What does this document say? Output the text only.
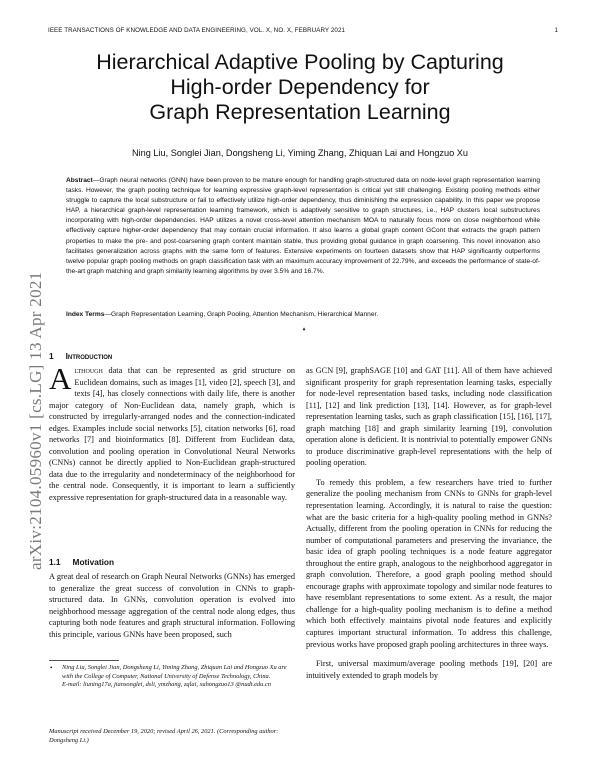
IEEE TRANSACTIONS OF KNOWLEDGE AND DATA ENGINEERING, VOL. X, NO. X, FEBRUARY 2021	1
arXiv:2104.05960v1 [cs.LG] 13 Apr 2021
Hierarchical Adaptive Pooling by Capturing
High-order Dependency for
Graph Representation Learning
Ning Liu, Songlei Jian, Dongsheng Li, Yiming Zhang, Zhiquan Lai and Hongzuo Xu
Abstract—Graph neural networks (GNN) have been proven to be mature enough for handling graph-structured data on node-level graph representation learning tasks. However, the graph pooling technique for learning expressive graph-level representation is critical yet still challenging. Existing pooling methods either struggle to capture the local substructure or fail to effectively utilize high-order dependency, thus diminishing the expression capability. In this paper we propose HAP, a hierarchical graph-level representation learning framework, which is adaptively sensitive to graph structures, i.e., HAP clusters local substructures incorporating with high-order dependencies. HAP utilizes a novel cross-level attention mechanism MOA to naturally focus more on close neighborhood while effectively capture higher-order dependency that may contain crucial information. It also learns a global graph content GCont that extracts the graph pattern properties to make the pre- and post-coarsening graph content maintain stable, thus providing global guidance in graph coarsening. This novel innovation also facilitates generalization across graphs with the same form of features. Extensive experiments on fourteen datasets show that HAP significantly outperforms twelve popular graph pooling methods on graph classification task with an maximum accuracy improvement of 22.79%, and exceeds the performance of state-of-the-art graph matching and graph similarity learning algorithms by over 3.5% and 16.7%.
Index Terms—Graph Representation Learning, Graph Pooling, Attention Mechanism, Hierarchical Manner.
♦
1 Introduction
Although data that can be represented as grid structure on Euclidean domains, such as images [1], video [2], speech [3], and texts [4], has closely connections with daily life, there is another major category of Non-Euclidean data, namely graph, which is constructed by irregularly-arranged nodes and the connection-indicated edges. Examples include social networks [5], citation networks [6], road networks [7] and bioinformatics [8]. Different from Euclidean data, convolution and pooling operation in Convolutional Neural Networks (CNNs) cannot be directly applied to Non-Euclidean graph-structured data due to the irregularity and nondeterminacy of the neighborhood for the central node. Consequently, it is important to learn a sufficiently expressive representation for graph-structured data in a reasonable way.
1.1 Motivation
A great deal of research on Graph Neural Networks (GNNs) has emerged to generalize the great success of convolution in CNNs to graph-structured data. In GNNs, convolution operation is evolved into neighborhood message aggregation of the central node along edges, thus capturing both node features and graph structural information. Following this principle, various GNNs have been proposed, such
• Ning Liu, Songlei Jian, Dongsheng Li, Yiming Zhang, Zhiquan Lai and Hongzuo Xu are with the College of Computer, National University of Defense Technology, China.
E-mail: liuning17a, jiansonglei, dsli, ymzhang, zqlai, xuhongzuo13 @nudt.edu.cn
Manuscript received December 19, 2020; revised April 26, 2021. (Corresponding author: Dongsheng Li.)

as GCN [9], graphSAGE [10] and GAT [11]. All of them have achieved significant prosperity for graph representation learning tasks, especially for node-level representation based tasks, including node classification [11], [12] and link prediction [13], [14]. However, as for graph-level representation learning tasks, such as graph classification [15], [16], [17], graph matching [18] and graph similarity learning [19], convolution operation alone is deficient. It is nontrivial to potentially empower GNNs to produce discriminative graph-level representations with the help of pooling operation.

To remedy this problem, a few researchers have tried to further generalize the pooling mechanism from CNNs to GNNs for graph-level representation learning. Accordingly, it is natural to raise the question: what are the basic criteria for a high-quality pooling method in GNNs? Actually, different from the pooling operation in CNNs for reducing the number of computational parameters and preserving the invariance, the basic idea of graph pooling techniques is a node feature aggregator throughout the entire graph, analogous to the neighborhood aggregator in graph convolution. Therefore, a good graph pooling method should encourage graphs with approximate topology and similar node features to have resemblant representations to some extent. As a result, the major challenge for a high-quality pooling mechanism is to define a method which both effectively maintains pivotal node features and explicitly captures important structural information. To address this challenge, previous works have proposed graph pooling architectures in three ways.

First, universal maximum/average pooling methods [19], [20] are intuitively extended to graph models by
